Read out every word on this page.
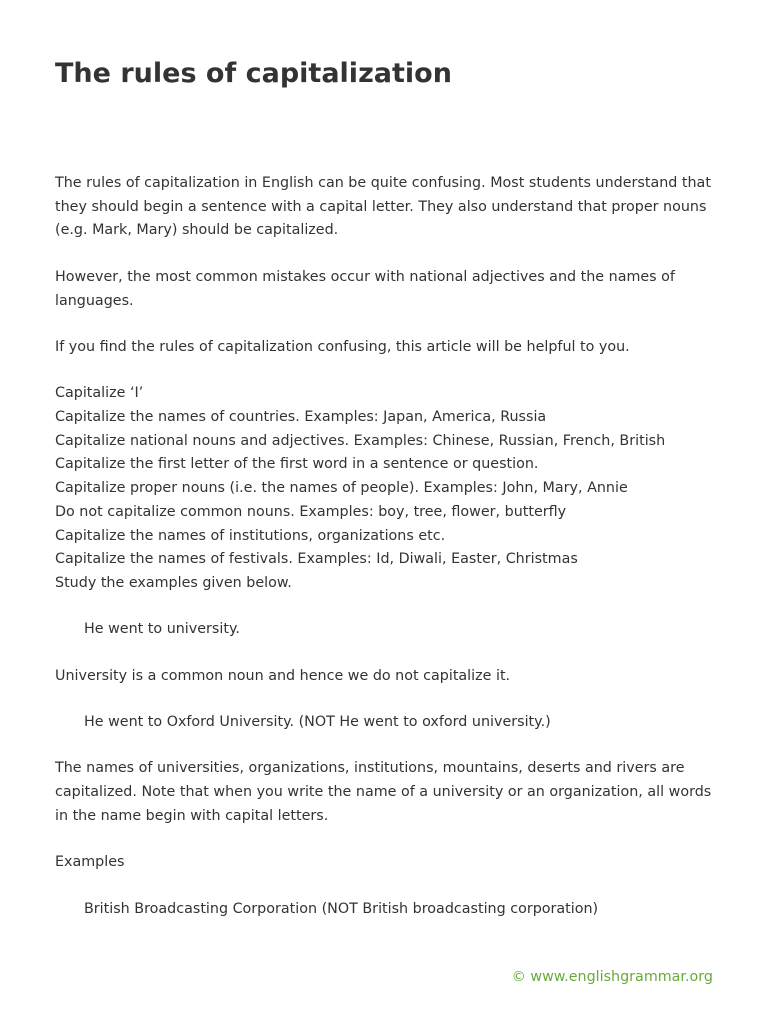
The rules of capitalization

The rules of capitalization in English can be quite confusing. Most students understand that they should begin a sentence with a capital letter. They also understand that proper nouns (e.g. Mark, Mary) should be capitalized.

However, the most common mistakes occur with national adjectives and the names of languages.

If you find the rules of capitalization confusing, this article will be helpful to you.

Capitalize ‘I’

Capitalize the names of countries. Examples: Japan, America, Russia

Capitalize national nouns and adjectives. Examples: Chinese, Russian, French, British

Capitalize the first letter of the first word in a sentence or question.

Capitalize proper nouns (i.e. the names of people). Examples: John, Mary, Annie

Do not capitalize common nouns. Examples: boy, tree, flower, butterfly

Capitalize the names of institutions, organizations etc.

Capitalize the names of festivals. Examples: Id, Diwali, Easter, Christmas

Study the examples given below.

He went to university.

University is a common noun and hence we do not capitalize it.

He went to Oxford University. (NOT He went to oxford university.)

The names of universities, organizations, institutions, mountains, deserts and rivers are capitalized. Note that when you write the name of a university or an organization, all words in the name begin with capital letters.

Examples

British Broadcasting Corporation (NOT British broadcasting corporation)

© www.englishgrammar.org
